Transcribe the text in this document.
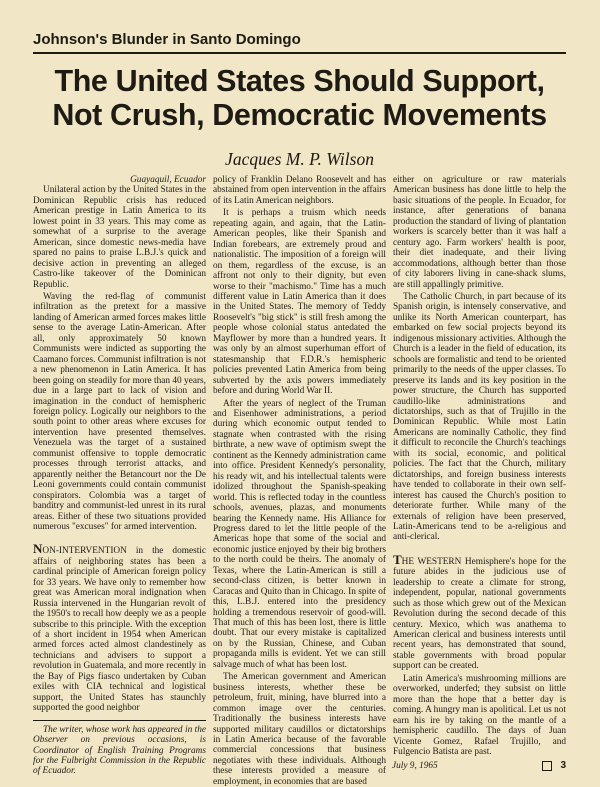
Johnson's Blunder in Santo Domingo
The United States Should Support,
Not Crush, Democratic Movements
Jacques M. P. Wilson

Guayaquil, Ecuador

Unilateral action by the United States in the Dominican Republic crisis has reduced American prestige in Latin America to its lowest point in 33 years. This may come as somewhat of a surprise to the average American, since domestic news-media have spared no pains to praise L.B.J.'s quick and decisive action in preventing an alleged Castro-like takeover of the Dominican Republic.

Waving the red-flag of communist infiltration as the pretext for a massive landing of American armed forces makes little sense to the average Latin-American. After all, only approximately 50 known Communists were indicted as supporting the Caamano forces. Communist infiltration is not a new phenomenon in Latin America. It has been going on steadily for more than 40 years, due in a large part to lack of vision and imagination in the conduct of hemispheric foreign policy. Logically our neighbors to the south point to other areas where excuses for intervention have presented themselves. Venezuela was the target of a sustained communist offensive to topple democratic processes through terrorist attacks, and apparently neither the Betancourt nor the De Leoni governments could contain communist conspirators. Colombia was a target of banditry and communist-led unrest in its rural areas. Either of these two situations provided numerous "excuses" for armed intervention.

NON-INTERVENTION in the domestic affairs of neighboring states has been a cardinal principle of American foreign policy for 33 years. We have only to remember how great was American moral indignation when Russia intervened in the Hungarian revolt of the 1950's to recall how deeply we as a people subscribe to this principle. With the exception of a short incident in 1954 when American armed forces acted almost clandestinely as technicians and advisers to support a revolution in Guatemala, and more recently in the Bay of Pigs fiasco undertaken by Cuban exiles with CIA technical and logistical support, the United States has staunchly supported the good neighbor

The writer, whose work has appeared in the Observer on previous occasions, is Coordinator of English Training Programs for the Fulbright Commission in the Republic of Ecuador.

policy of Franklin Delano Roosevelt and has abstained from open intervention in the affairs of its Latin American neighbors.

It is perhaps a truism which needs repeating again, and again, that the Latin-American peoples, like their Spanish and Indian forebears, are extremely proud and nationalistic. The imposition of a foreign will on them, regardless of the excuse, is an affront not only to their dignity, but even worse to their "machismo." Time has a much different value in Latin America than it does in the United States. The memory of Teddy Roosevelt's "big stick" is still fresh among the people whose colonial status antedated the Mayflower by more than a hundred years. It was only by an almost superhuman effort of statesmanship that F.D.R.'s hemispheric policies prevented Latin America from being subverted by the axis powers immediately before and during World War II.

After the years of neglect of the Truman and Eisenhower administrations, a period during which economic output tended to stagnate when contrasted with the rising birthrate, a new wave of optimism swept the continent as the Kennedy administration came into office. President Kennedy's personality, his ready wit, and his intellectual talents were idolized throughout the Spanish-speaking world. This is reflected today in the countless schools, avenues, plazas, and monuments bearing the Kennedy name. His Alliance for Progress dared to let the little people of the Americas hope that some of the social and economic justice enjoyed by their big brothers to the north could be theirs. The anomaly of Texas, where the Latin-American is still a second-class citizen, is better known in Caracas and Quito than in Chicago. In spite of this, L.B.J. entered into the presidency holding a tremendous reservoir of good-will. That much of this has been lost, there is little doubt. That our every mistake is capitalized on by the Russian, Chinese, and Cuban propaganda mills is evident. Yet we can still salvage much of what has been lost.

The American government and American business interests, whether these be petroleum, fruit, mining, have blurred into a common image over the centuries. Traditionally the business interests have supported military caudillos or dictatorships in Latin America because of the favorable commercial concessions that business negotiates with these individuals. Although these interests provided a measure of employment, in economies that are based

either on agriculture or raw materials American business has done little to help the basic situations of the people. In Ecuador, for instance, after generations of banana production the standard of living of plantation workers is scarcely better than it was half a century ago. Farm workers' health is poor, their diet inadequate, and their living accommodations, although better than those of city laborers living in cane-shack slums, are still appallingly primitive.

The Catholic Church, in part because of its Spanish origin, is intensely conservative, and unlike its North American counterpart, has embarked on few social projects beyond its indigenous missionary activities. Although the Church is a leader in the field of education, its schools are formalistic and tend to be oriented primarily to the needs of the upper classes. To preserve its lands and its key position in the power structure, the Church has supported caudillo-like administrations and dictatorships, such as that of Trujillo in the Dominican Republic. While most Latin Americans are nominally Catholic, they find it difficult to reconcile the Church's teachings with its social, economic, and political policies. The fact that the Church, military dictatorships, and foreign business interests have tended to collaborate in their own self-interest has caused the Church's position to deteriorate further. While many of the externals of religion have been preserved, Latin-Americans tend to be a-religious and anti-clerical.

THE WESTERN Hemisphere's hope for the future abides in the judicious use of leadership to create a climate for strong, independent, popular, national governments such as those which grew out of the Mexican Revolution during the second decade of this century. Mexico, which was anathema to American clerical and business interests until recent years, has demonstrated that sound, stable governments with broad popular support can be created.

Latin America's mushrooming millions are overworked, underfed; they subsist on little more than the hope that a better day is coming. A hungry man is apolitical. Let us not earn his ire by taking on the mantle of a hemispheric caudillo. The days of Juan Vicente Gomez, Rafael Trujillo, and Fulgencio Batista are past.

July 9, 1965	3
